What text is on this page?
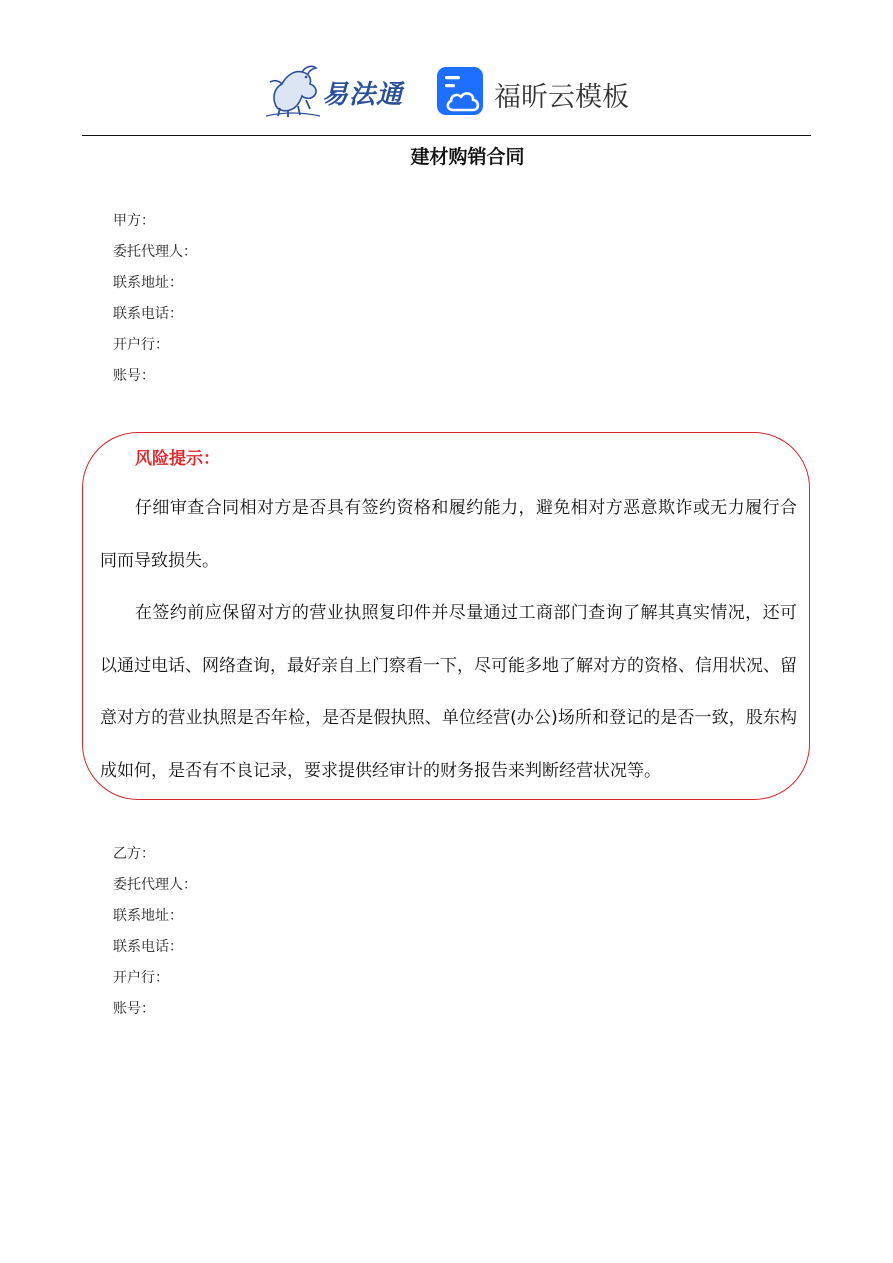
易法通	福昕云模板
建材购销合同
甲方：
委托代理人：
联系地址：
联系电话：
开户行：
账号：
风险提示：

仔细审查合同相对方是否具有签约资格和履约能力，避免相对方恶意欺诈或无力履行合同而导致损失。

在签约前应保留对方的营业执照复印件并尽量通过工商部门查询了解其真实情况，还可以通过电话、网络查询，最好亲自上门察看一下，尽可能多地了解对方的资格、信用状况、留意对方的营业执照是否年检，是否是假执照、单位经营(办公)场所和登记的是否一致，股东构成如何，是否有不良记录，要求提供经审计的财务报告来判断经营状况等。

乙方：
委托代理人：
联系地址：
联系电话：
开户行：
账号：
